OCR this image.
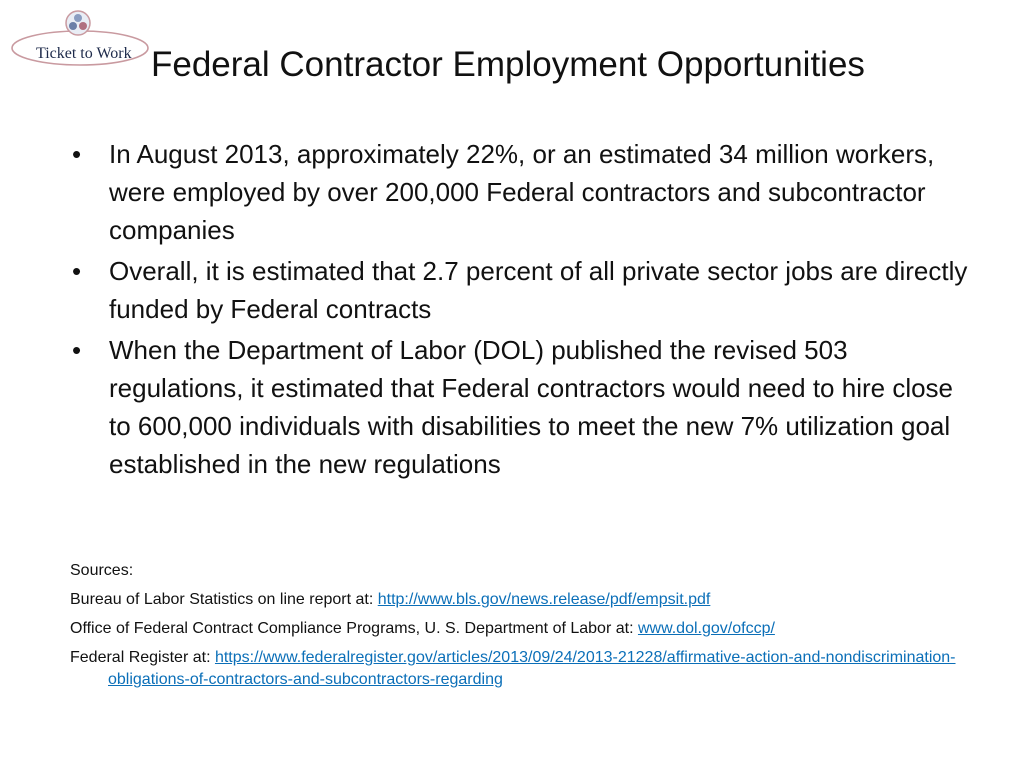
Ticket to Work Federal Contractor Employment Opportunities
• In August 2013, approximately 22%, or an estimated 34 million workers, were employed by over 200,000 Federal contractors and subcontractor companies
• Overall, it is estimated that 2.7 percent of all private sector jobs are directly funded by Federal contracts
• When the Department of Labor (DOL) published the revised 503 regulations, it estimated that Federal contractors would need to hire close to 600,000 individuals with disabilities to meet the new 7% utilization goal established in the new regulations
Sources:
Bureau of Labor Statistics on line report at: http://www.bls.gov/news.release/pdf/empsit.pdf
Office of Federal Contract Compliance Programs, U. S. Department of Labor at: www.dol.gov/ofccp/
Federal Register at: https://www.federalregister.gov/articles/2013/09/24/2013-21228/affirmative-action-and-nondiscrimination-obligations-of-contractors-and-subcontractors-regarding
